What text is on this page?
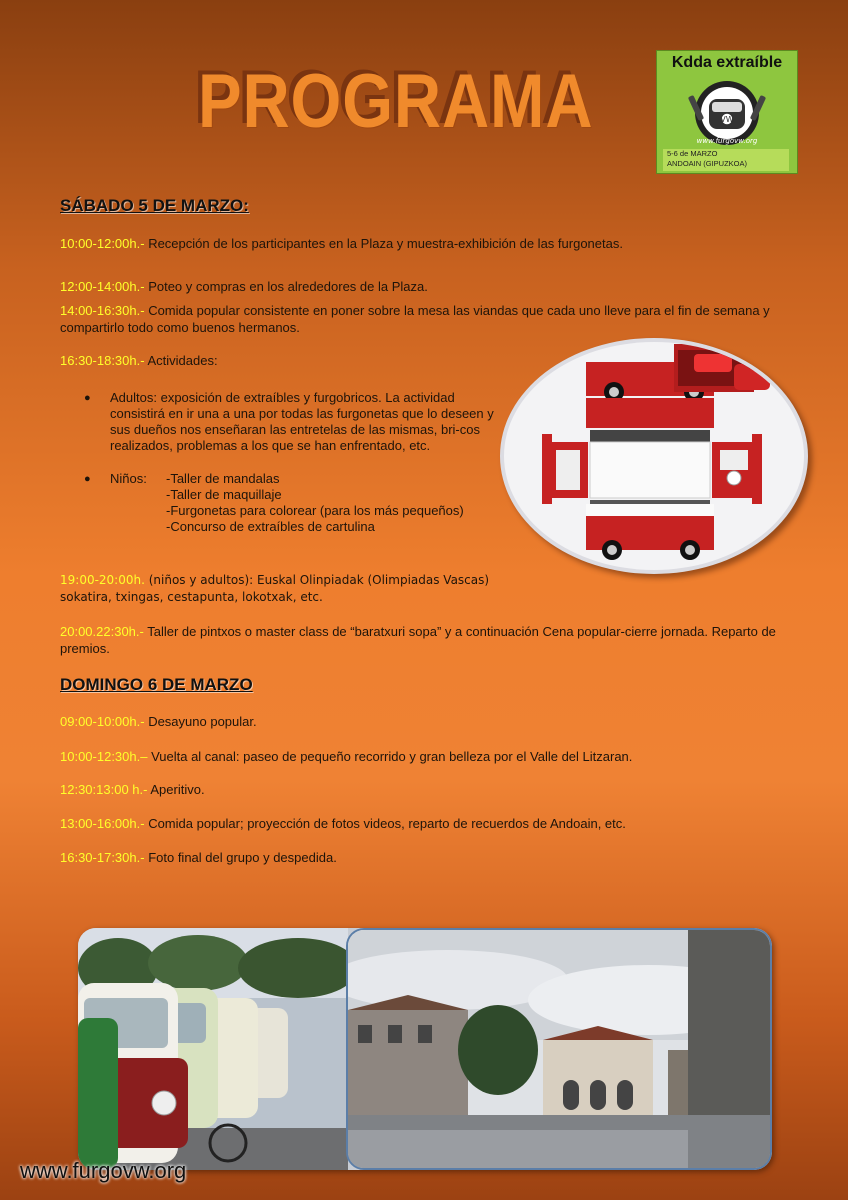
PROGRAMA	Kdda extraíble
VW
www.furgovw.org
5-6 de MARZO
ANDOAIN (GIPUZKOA)
SÁBADO 5 DE MARZO:
10:00-12:00h.- Recepción de los participantes en la Plaza y muestra-exhibición de las furgonetas.
12:00-14:00h.- Poteo y compras en los alrededores de la Plaza.
14:00-16:30h.- Comida popular consistente en poner sobre la mesa las viandas que cada uno lleve para el fin de semana y compartirlo todo como buenos hermanos.
16:30-18:30h.- Actividades:
●	Adultos: exposición de extraíbles y furgobricos. La actividad consistirá en ir una a una por todas las furgonetas que lo deseen y sus dueños nos enseñaran las entretelas de las mismas, bri-cos realizados, problemas a los que se han enfrentado, etc.
●	Niños:	-Taller de mandalas
-Taller de maquillaje
-Furgonetas para colorear (para los más pequeños)
-Concurso de extraíbles de cartulina
19:00-20:00h. (niños y adultos): Euskal Olinpiadak (Olimpiadas Vascas) sokatira, txingas, cestapunta, lokotxak, etc.
20:00.22:30h.- Taller de pintxos o master class de “baratxuri sopa” y a continuación Cena popular-cierre jornada. Reparto de premios.
DOMINGO 6 DE MARZO
09:00-10:00h.- Desayuno popular.
10:00-12:30h.– Vuelta al canal: paseo de pequeño recorrido y gran belleza por el Valle del Litzaran.
12:30:13:00 h.- Aperitivo.
13:00-16:00h.- Comida popular; proyección de fotos videos, reparto de recuerdos de Andoain, etc.
16:30-17:30h.- Foto final del grupo y despedida.
www.furgovw.org
